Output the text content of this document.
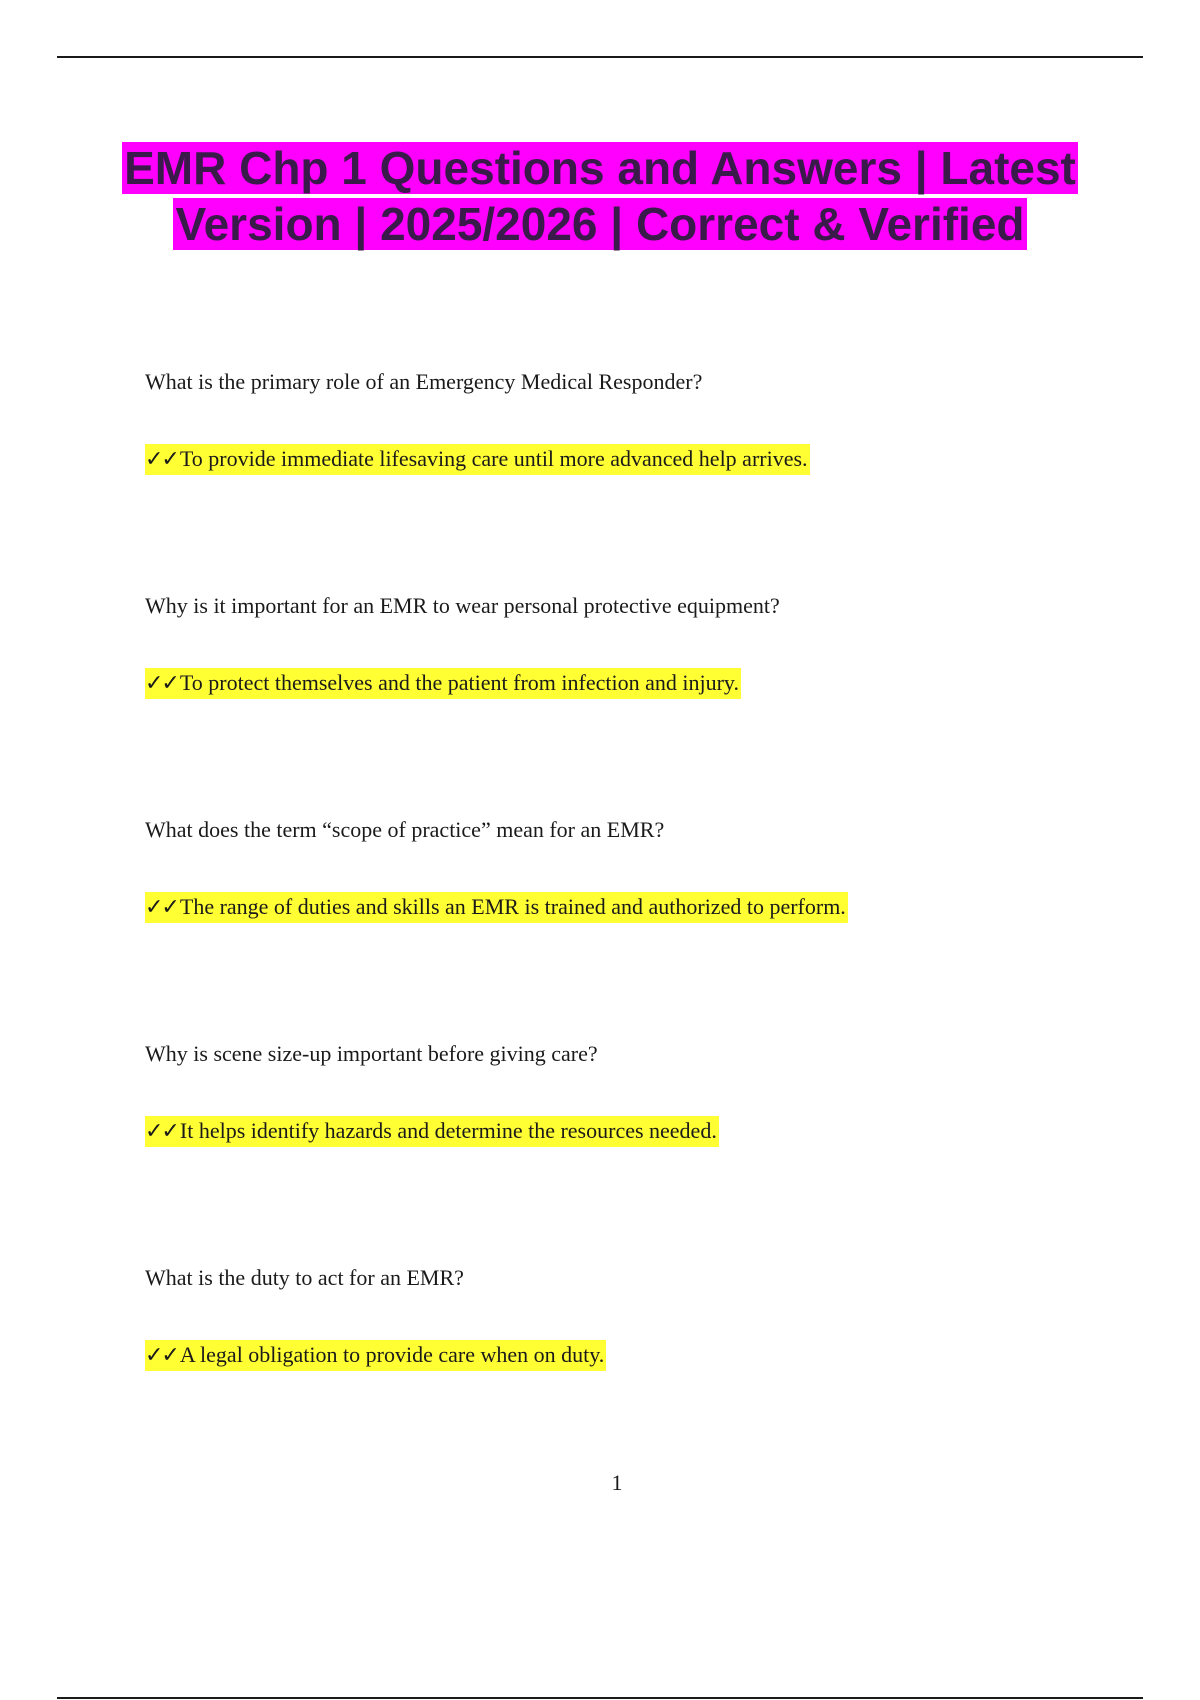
EMR Chp 1 Questions and Answers | Latest Version | 2025/2026 | Correct & Verified

What is the primary role of an Emergency Medical Responder?

✓✓To provide immediate lifesaving care until more advanced help arrives.

Why is it important for an EMR to wear personal protective equipment?

✓✓To protect themselves and the patient from infection and injury.

What does the term “scope of practice” mean for an EMR?

✓✓The range of duties and skills an EMR is trained and authorized to perform.

Why is scene size-up important before giving care?

✓✓It helps identify hazards and determine the resources needed.

What is the duty to act for an EMR?

✓✓A legal obligation to provide care when on duty.

1
